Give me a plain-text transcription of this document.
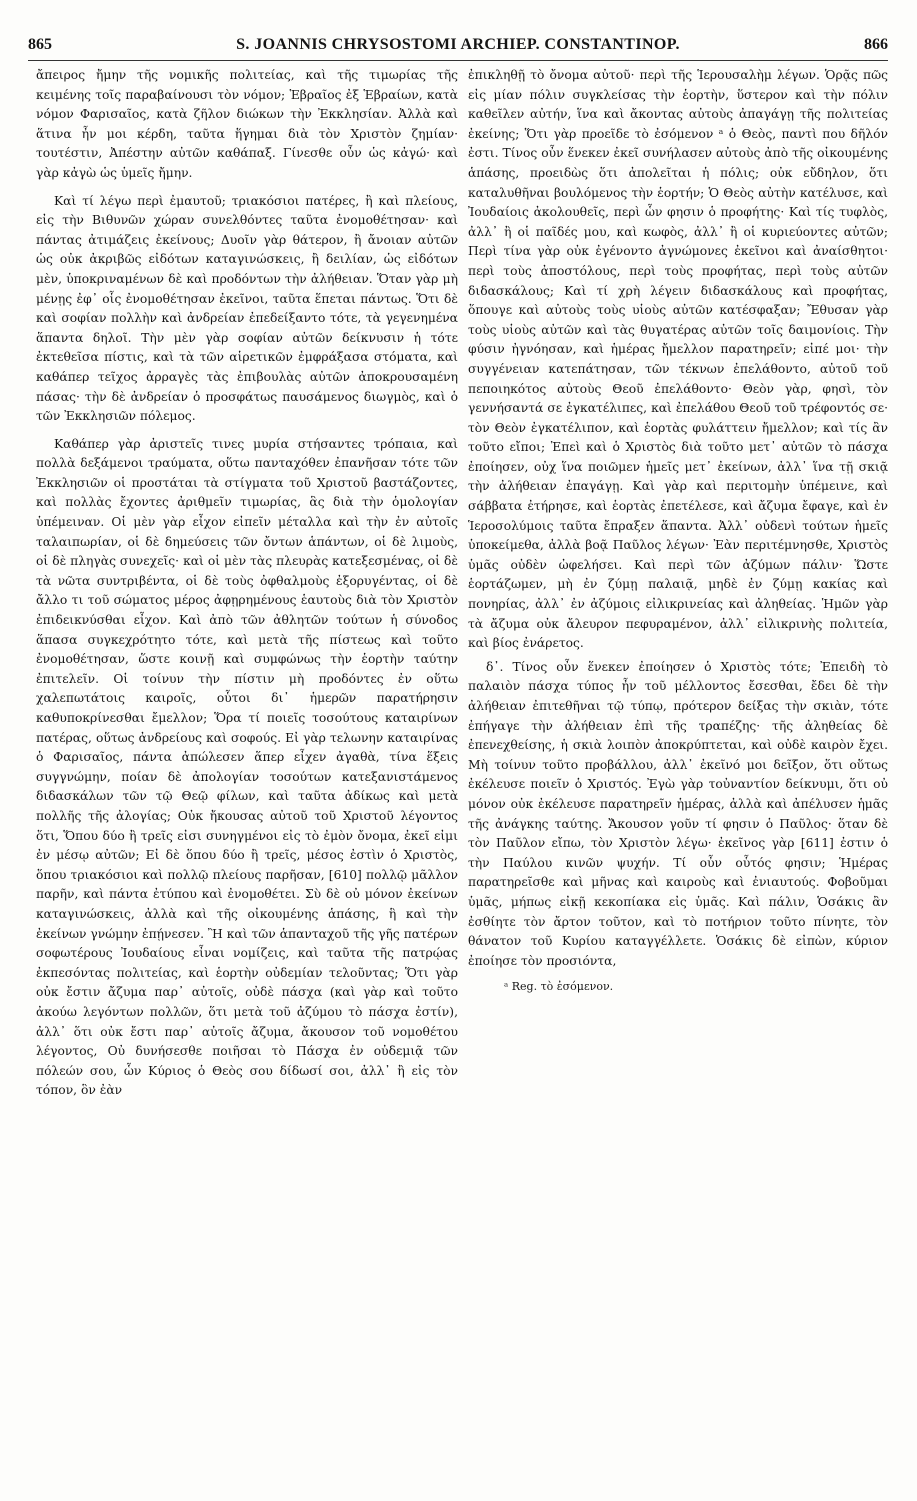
865	S. JOANNIS CHRYSOSTOMI ARCHIEP. CONSTANTINOP.	866

ἄπειρος ἤμην τῆς νομικῆς πολιτείας, καὶ τῆς τιμωρίας τῆς κειμένης τοῖς παραβαίνουσι τὸν νόμον; Ἑβραῖος ἐξ Ἑβραίων, κατὰ νόμον Φαρισαῖος, κατὰ ζῆλον διώκων τὴν Ἐκκλησίαν. Ἀλλὰ καὶ ἅτινα ἦν μοι κέρδη, ταῦτα ἥγημαι διὰ τὸν Χριστὸν ζημίαν· τουτέστιν, Ἀπέστην αὐτῶν καθάπαξ. Γίνεσθε οὖν ὡς κἀγώ· καὶ γὰρ κἀγὼ ὡς ὑμεῖς ἤμην.

Καὶ τί λέγω περὶ ἐμαυτοῦ; τριακόσιοι πατέρες, ἢ καὶ πλείους, εἰς τὴν Βιθυνῶν χώραν συνελθόντες ταῦτα ἐνομοθέτησαν· καὶ πάντας ἀτιμάζεις ἐκείνους; Δυοῖν γὰρ θάτερον, ἢ ἄνοιαν αὐτῶν ὡς οὐκ ἀκριβῶς εἰδότων καταγινώσκεις, ἢ δειλίαν, ὡς εἰδότων μὲν, ὑποκριναμένων δὲ καὶ προδόντων τὴν ἀλήθειαν. Ὅταν γὰρ μὴ μένῃς ἐφ᾽ οἷς ἐνομοθέτησαν ἐκεῖνοι, ταῦτα ἕπεται πάντως. Ὅτι δὲ καὶ σοφίαν πολλὴν καὶ ἀνδρείαν ἐπεδείξαντο τότε, τὰ γεγενημένα ἅπαντα δηλοῖ. Τὴν μὲν γὰρ σοφίαν αὐτῶν δείκνυσιν ἡ τότε ἐκτεθεῖσα πίστις, καὶ τὰ τῶν αἱρετικῶν ἐμφράξασα στόματα, καὶ καθάπερ τεῖχος ἀρραγὲς τὰς ἐπιβουλὰς αὐτῶν ἀποκρουσαμένη πάσας· τὴν δὲ ἀνδρείαν ὁ προσφάτως παυσάμενος διωγμὸς, καὶ ὁ τῶν Ἐκκλησιῶν πόλεμος.

Καθάπερ γὰρ ἀριστεῖς τινες μυρία στήσαντες τρόπαια, καὶ πολλὰ δεξάμενοι τραύματα, οὕτω πανταχόθεν ἐπανῆσαν τότε τῶν Ἐκκλησιῶν οἱ προστάται τὰ στίγματα τοῦ Χριστοῦ βαστάζοντες, καὶ πολλὰς ἔχοντες ἀριθμεῖν τιμωρίας, ἃς διὰ τὴν ὁμολογίαν ὑπέμειναν. Οἱ μὲν γὰρ εἶχον εἰπεῖν μέταλλα καὶ τὴν ἐν αὐτοῖς ταλαιπωρίαν, οἱ δὲ δημεύσεις τῶν ὄντων ἁπάντων, οἱ δὲ λιμοὺς, οἱ δὲ πληγὰς συνεχεῖς· καὶ οἱ μὲν τὰς πλευρὰς κατεξεσμένας, οἱ δὲ τὰ νῶτα συντριβέντα, οἱ δὲ τοὺς ὀφθαλμοὺς ἐξορυγέντας, οἱ δὲ ἄλλο τι τοῦ σώματος μέρος ἀφῃρημένους ἑαυτοὺς διὰ τὸν Χριστὸν ἐπιδεικνύσθαι εἶχον. Καὶ ἀπὸ τῶν ἀθλητῶν τούτων ἡ σύνοδος ἅπασα συγκεχρότητο τότε, καὶ μετὰ τῆς πίστεως καὶ τοῦτο ἐνομοθέτησαν, ὥστε κοινῇ καὶ συμφώνως τὴν ἑορτὴν ταύτην ἐπιτελεῖν. Οἱ τοίνυν τὴν πίστιν μὴ προδόντες ἐν οὕτω χαλεπωτάτοις καιροῖς, οὗτοι δι᾽ ἡμερῶν παρατήρησιν καθυποκρίνεσθαι ἔμελλον; Ὅρα τί ποιεῖς τοσούτους καταιρίνων πατέρας, οὕτως ἀνδρείους καὶ σοφούς. Εἰ γὰρ τελωνην καταιρίνας ὁ Φαρισαῖος, πάντα ἀπώλεσεν ἅπερ εἶχεν ἀγαθὰ, τίνα ἕξεις συγγνώμην, ποίαν δὲ ἀπολογίαν τοσούτων κατεξανιστάμενος διδασκάλων τῶν τῷ Θεῷ φίλων, καὶ ταῦτα ἀδίκως καὶ μετὰ πολλῆς τῆς ἀλογίας; Οὐκ ἤκουσας αὐτοῦ τοῦ Χριστοῦ λέγοντος ὅτι, Ὅπου δύο ἢ τρεῖς εἰσι συνηγμένοι εἰς τὸ ἐμὸν ὄνομα, ἐκεῖ εἰμι ἐν μέσῳ αὐτῶν; Εἰ δὲ ὅπου δύο ἢ τρεῖς, μέσος ἐστὶν ὁ Χριστὸς, ὅπου τριακόσιοι καὶ πολλῷ πλείους παρῆσαν, [610] πολλῷ μᾶλλον παρῆν, καὶ πάντα ἐτύπου καὶ ἐνομοθέτει. Σὺ δὲ οὐ μόνον ἐκείνων καταγινώσκεις, ἀλλὰ καὶ τῆς οἰκουμένης ἁπάσης, ἣ καὶ τὴν ἐκείνων γνώμην ἐπῄνεσεν. Ἢ καὶ τῶν ἁπανταχοῦ τῆς γῆς πατέρων σοφωτέρους Ἰουδαίους εἶναι νομίζεις, καὶ ταῦτα τῆς πατρῴας ἐκπεσόντας πολιτείας, καὶ ἑορτὴν οὐδεμίαν τελοῦντας; Ὅτι γὰρ οὐκ ἔστιν ἄζυμα παρ᾽ αὐτοῖς, οὐδὲ πάσχα (καὶ γὰρ καὶ τοῦτο ἀκούω λεγόντων πολλῶν, ὅτι μετὰ τοῦ ἀζύμου τὸ πάσχα ἐστίν), ἀλλ᾽ ὅτι οὐκ ἔστι παρ᾽ αὐτοῖς ἄζυμα, ἄκουσον τοῦ νομοθέτου λέγοντος, Οὐ δυνήσεσθε ποιῆσαι τὸ Πάσχα ἐν οὐδεμιᾷ τῶν πόλεών σου, ὧν Κύριος ὁ Θεὸς σου δίδωσί σοι, ἀλλ᾽ ἢ εἰς τὸν τόπον, ὃν ἐὰν

ἐπικληθῇ τὸ ὄνομα αὐτοῦ· περὶ τῆς Ἱερουσαλὴμ λέγων. Ὁρᾷς πῶς εἰς μίαν πόλιν συγκλείσας τὴν ἑορτὴν, ὕστερον καὶ τὴν πόλιν καθεῖλεν αὐτήν, ἵνα καὶ ἄκοντας αὐτοὺς ἀπαγάγῃ τῆς πολιτείας ἐκείνης; Ὅτι γὰρ προεῖδε τὸ ἐσόμενον ᵃ ὁ Θεὸς, παντὶ που δῆλόν ἐστι. Τίνος οὖν ἕνεκεν ἐκεῖ συνήλασεν αὐτοὺς ἀπὸ τῆς οἰκουμένης ἁπάσης, προειδὼς ὅτι ἀπολεῖται ἡ πόλις; οὐκ εὔδηλον, ὅτι καταλυθῆναι βουλόμενος τὴν ἑορτήν; Ὁ Θεὸς αὐτὴν κατέλυσε, καὶ Ἰουδαίοις ἀκολουθεῖς, περὶ ὧν φησιν ὁ προφήτης· Καὶ τίς τυφλὸς, ἀλλ᾽ ἢ οἱ παῖδές μου, καὶ κωφὸς, ἀλλ᾽ ἢ οἱ κυριεύοντες αὐτῶν; Περὶ τίνα γὰρ οὐκ ἐγένοντο ἀγνώμονες ἐκεῖνοι καὶ ἀναίσθητοι· περὶ τοὺς ἀποστόλους, περὶ τοὺς προφήτας, περὶ τοὺς αὐτῶν διδασκάλους; Καὶ τί χρὴ λέγειν διδασκάλους καὶ προφήτας, ὅπουγε καὶ αὐτοὺς τοὺς υἱοὺς αὐτῶν κατέσφαξαν; Ἔθυσαν γὰρ τοὺς υἱοὺς αὐτῶν καὶ τὰς θυγατέρας αὐτῶν τοῖς δαιμονίοις. Τὴν φύσιν ἠγνόησαν, καὶ ἡμέρας ἤμελλον παρατηρεῖν; εἰπέ μοι· τὴν συγγένειαν κατεπάτησαν, τῶν τέκνων ἐπελάθοντο, αὐτοῦ τοῦ πεποιηκότος αὐτοὺς Θεοῦ ἐπελάθοντο· Θεὸν γὰρ, φησὶ, τὸν γεννήσαντά σε ἐγκατέλιπες, καὶ ἐπελάθου Θεοῦ τοῦ τρέφοντός σε· τὸν Θεὸν ἐγκατέλιπον, καὶ ἑορτὰς φυλάττειν ἤμελλον; καὶ τίς ἂν τοῦτο εἴποι; Ἐπεὶ καὶ ὁ Χριστὸς διὰ τοῦτο μετ᾽ αὐτῶν τὸ πάσχα ἐποίησεν, οὐχ ἵνα ποιῶμεν ἡμεῖς μετ᾽ ἐκείνων, ἀλλ᾽ ἵνα τῇ σκιᾷ τὴν ἀλήθειαν ἐπαγάγῃ. Καὶ γὰρ καὶ περιτομὴν ὑπέμεινε, καὶ σάββατα ἐτήρησε, καὶ ἑορτὰς ἐπετέλεσε, καὶ ἄζυμα ἔφαγε, καὶ ἐν Ἱεροσολύμοις ταῦτα ἔπραξεν ἅπαντα. Ἀλλ᾽ οὐδενὶ τούτων ἡμεῖς ὑποκείμεθα, ἀλλὰ βοᾷ Παῦλος λέγων· Ἐὰν περιτέμνησθε, Χριστὸς ὑμᾶς οὐδὲν ὠφελήσει. Καὶ περὶ τῶν ἀζύμων πάλιν· Ὥστε ἑορτάζωμεν, μὴ ἐν ζύμῃ παλαιᾷ, μηδὲ ἐν ζύμῃ κακίας καὶ πονηρίας, ἀλλ᾽ ἐν ἀζύμοις εἰλικρινείας καὶ ἀληθείας. Ἡμῶν γὰρ τὰ ἄζυμα οὐκ ἄλευρον πεφυραμένον, ἀλλ᾽ εἰλικρινὴς πολιτεία, καὶ βίος ἐνάρετος.

δ᾽. Τίνος οὖν ἕνεκεν ἐποίησεν ὁ Χριστὸς τότε; Ἐπειδὴ τὸ παλαιὸν πάσχα τύπος ἦν τοῦ μέλλοντος ἔσεσθαι, ἔδει δὲ τὴν ἀλήθειαν ἐπιτεθῆναι τῷ τύπῳ, πρότερον δείξας τὴν σκιὰν, τότε ἐπήγαγε τὴν ἀλήθειαν ἐπὶ τῆς τραπέζης· τῆς ἀληθείας δὲ ἐπενεχθείσης, ἡ σκιὰ λοιπὸν ἀποκρύπτεται, καὶ οὐδὲ καιρὸν ἔχει. Μὴ τοίνυν τοῦτο προβάλλου, ἀλλ᾽ ἐκεῖνό μοι δεῖξον, ὅτι οὕτως ἐκέλευσε ποιεῖν ὁ Χριστός. Ἐγὼ γὰρ τοὐναντίον δείκνυμι, ὅτι οὐ μόνον οὐκ ἐκέλευσε παρατηρεῖν ἡμέρας, ἀλλὰ καὶ ἀπέλυσεν ἡμᾶς τῆς ἀνάγκης ταύτης. Ἄκουσον γοῦν τί φησιν ὁ Παῦλος· ὅταν δὲ τὸν Παῦλον εἴπω, τὸν Χριστὸν λέγω· ἐκεῖνος γὰρ [611] ἐστιν ὁ τὴν Παύλου κινῶν ψυχήν. Τί οὖν οὗτός φησιν; Ἡμέρας παρατηρεῖσθε καὶ μῆνας καὶ καιροὺς καὶ ἐνιαυτούς. Φοβοῦμαι ὑμᾶς, μήπως εἰκῇ κεκοπίακα εἰς ὑμᾶς. Καὶ πάλιν, Ὁσάκις ἂν ἐσθίητε τὸν ἄρτον τοῦτον, καὶ τὸ ποτήριον τοῦτο πίνητε, τὸν θάνατον τοῦ Κυρίου καταγγέλλετε. Ὁσάκις δὲ εἰπὼν, κύριον ἐποίησε τὸν προσιόντα,

ᵃ Reg. τὸ ἐσόμενον.
